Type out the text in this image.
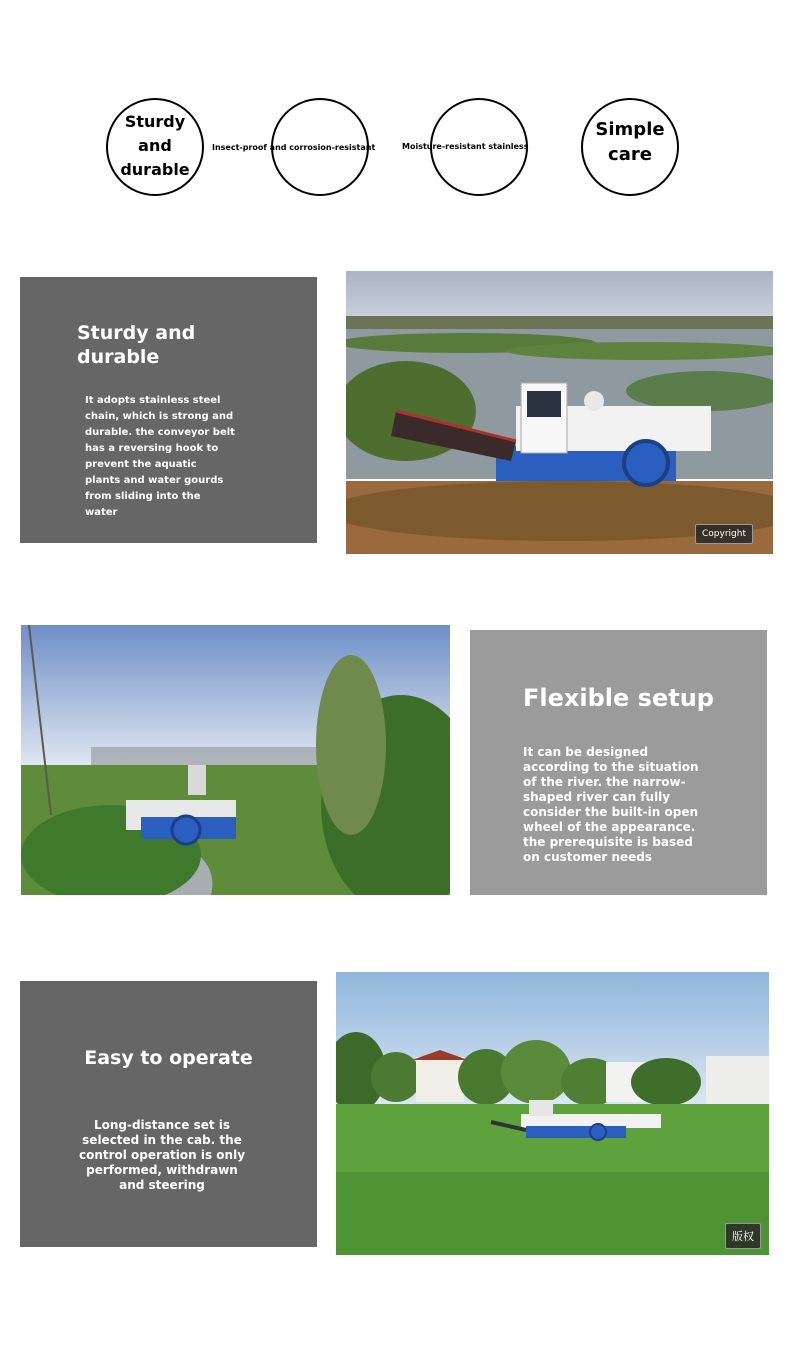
Sturdy
and
durable
Insect-proof and corrosion-resistant	Moisture-resistant stainless
Simple
care
Sturdy and durable

It adopts stainless steel chain, which is strong and durable. the conveyor belt has a reversing hook to prevent the aquatic plants and water gourds from sliding into the water

Copyright
Flexible setup

It can be designed according to the situation of the river. the narrow-shaped river can fully consider the built-in open wheel of the appearance. the prerequisite is based on customer needs

Easy to operate

Long-distance set is selected in the cab. the control operation is only performed, withdrawn and steering

版权
